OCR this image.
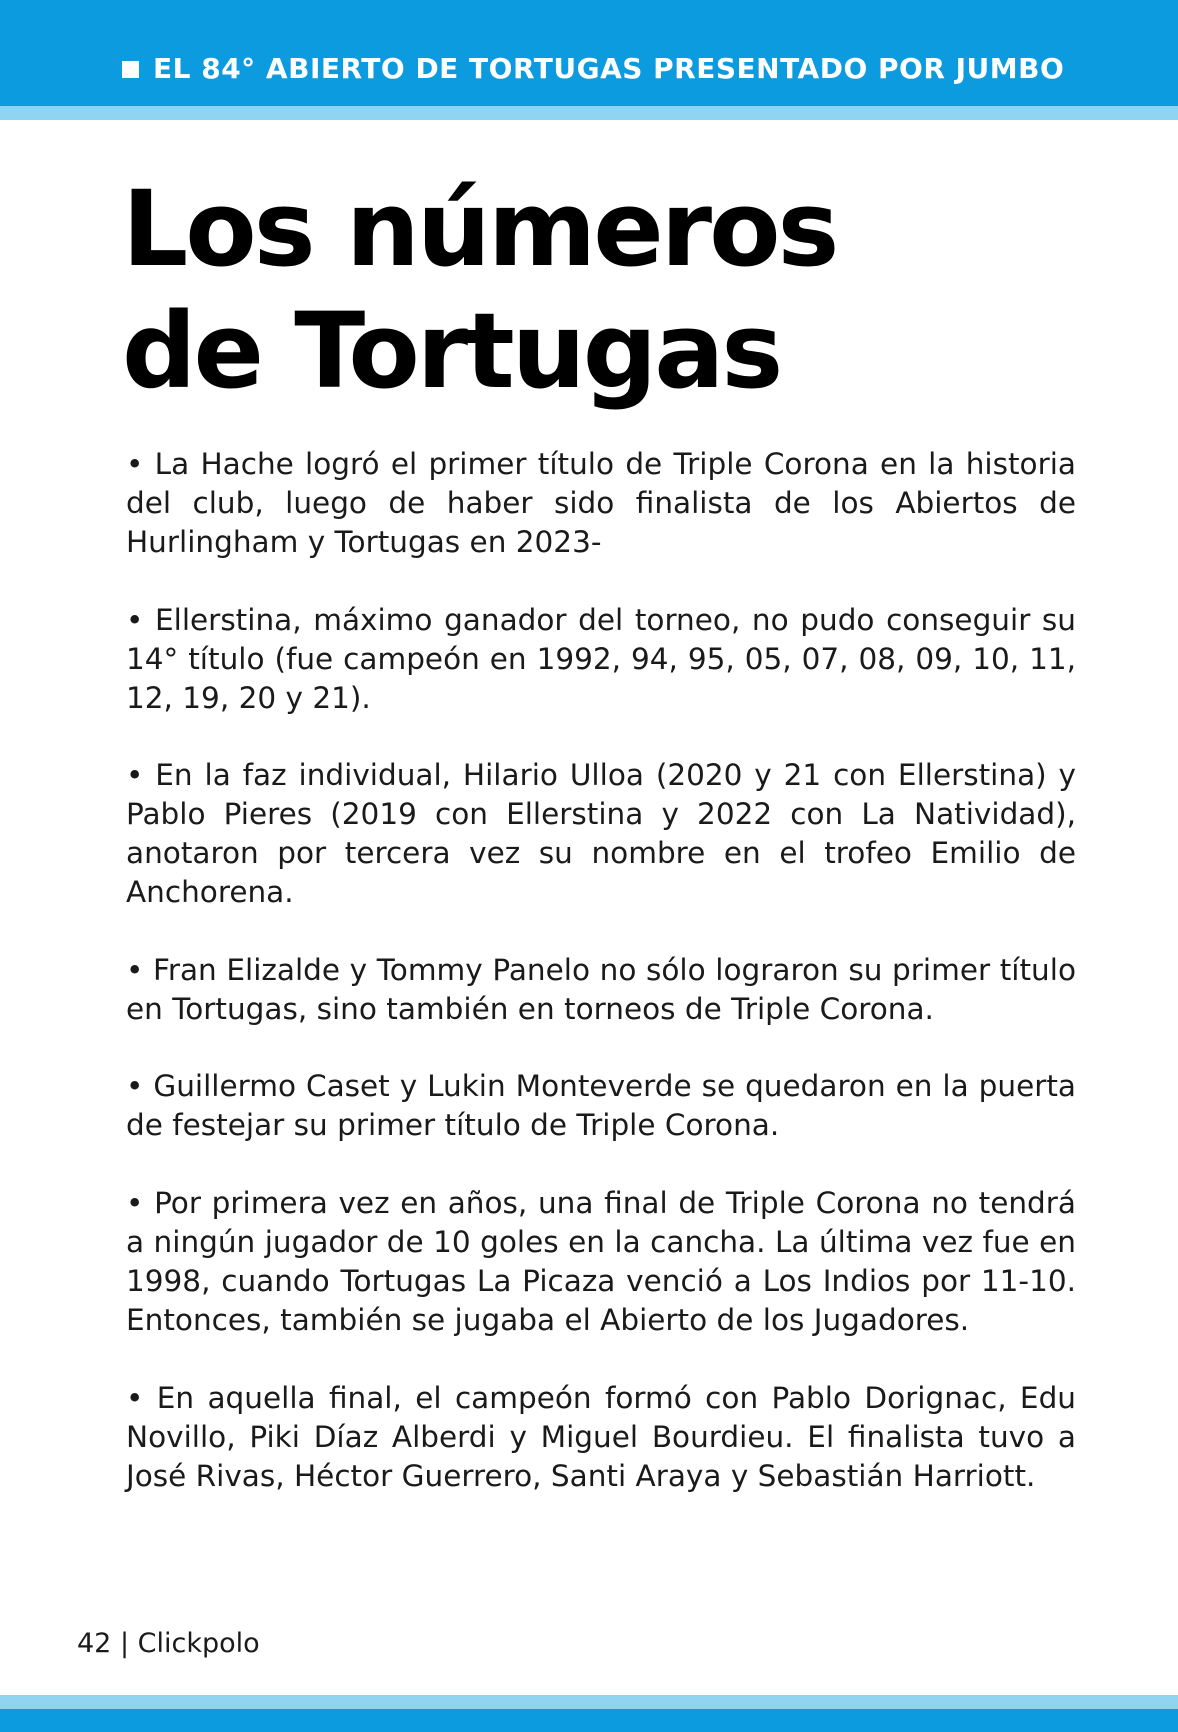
EL 84° ABIERTO DE TORTUGAS PRESENTADO POR JUMBO
Los números
de Tortugas

• La Hache logró el primer título de Triple Corona en la historia del club, luego de haber sido finalista de los Abiertos de Hurlingham y Tortugas en 2023-

• Ellerstina, máximo ganador del torneo, no pudo conseguir su 14° título (fue campeón en 1992, 94, 95, 05, 07, 08, 09, 10, 11, 12, 19, 20 y 21).

• En la faz individual, Hilario Ulloa (2020 y 21 con Ellerstina) y Pablo Pieres (2019 con Ellerstina y 2022 con La Natividad), anotaron por tercera vez su nombre en el trofeo Emilio de Anchorena.

• Fran Elizalde y Tommy Panelo no sólo lograron su primer título en Tortugas, sino también en torneos de Triple Corona.

• Guillermo Caset y Lukin Monteverde se quedaron en la puerta de festejar su primer título de Triple Corona.

• Por primera vez en años, una final de Triple Corona no tendrá a ningún jugador de 10 goles en la cancha. La última vez fue en 1998, cuando Tortugas La Picaza venció a Los Indios por 11-10. Entonces, también se jugaba el Abierto de los Jugadores.

• En aquella final, el campeón formó con Pablo Dorignac, Edu Novillo, Piki Díaz Alberdi y Miguel Bourdieu. El finalista tuvo a José Rivas, Héctor Guerrero, Santi Araya y Sebastián Harriott.

42 | Clickpolo
